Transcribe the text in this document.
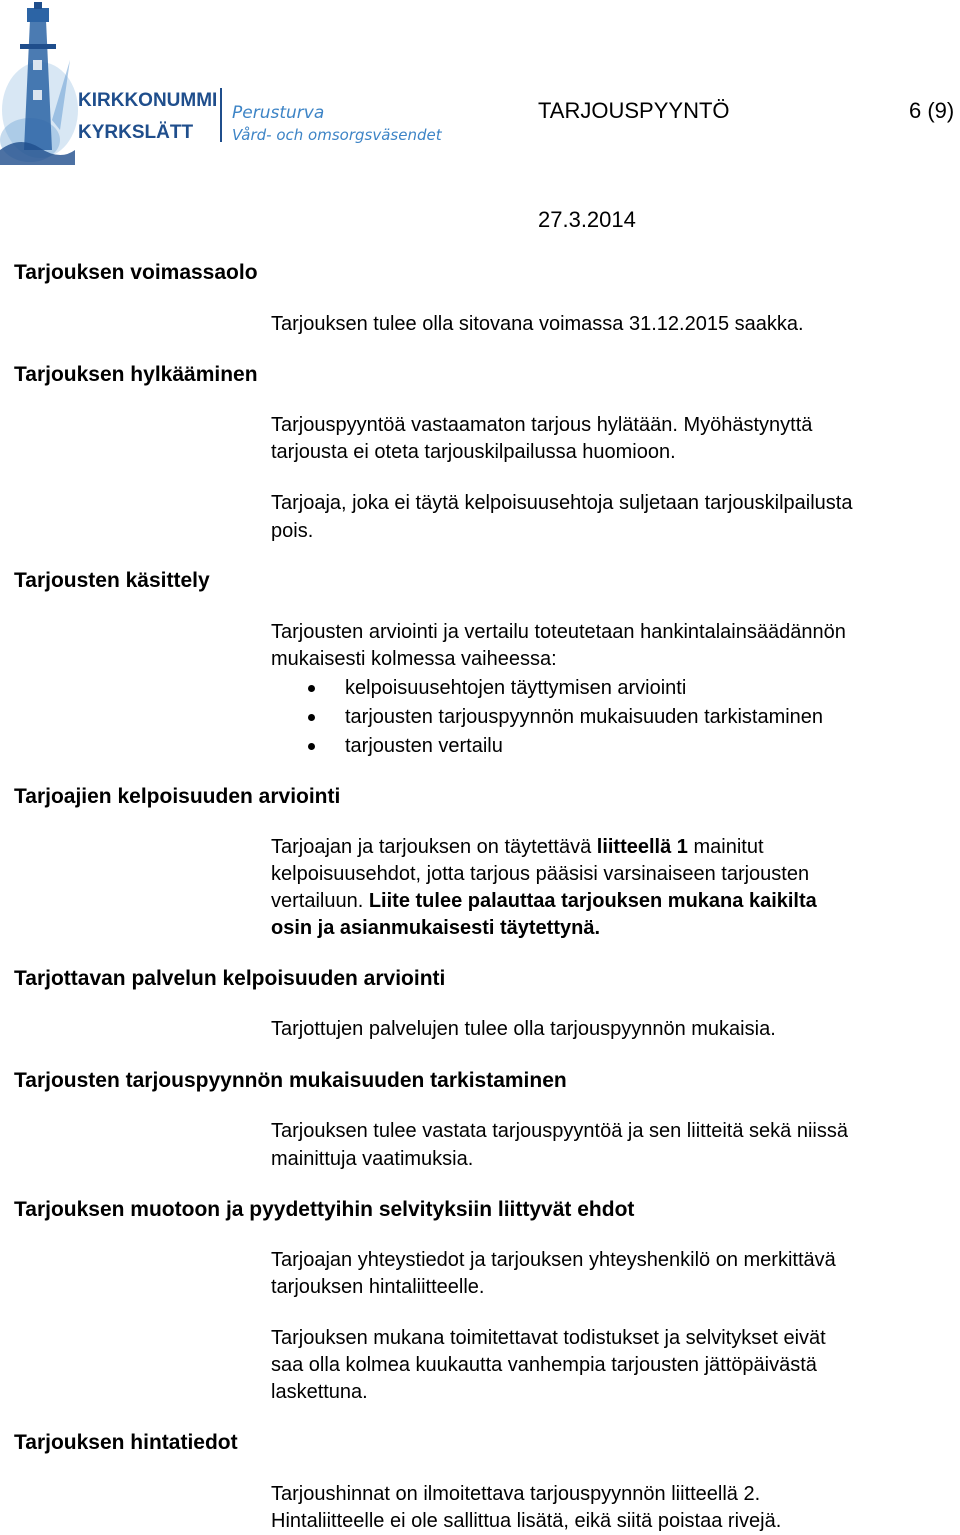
KIRKKONUMMI
KYRKSLÄTT
Perusturva
Vård- och omsorgsväsendet
TARJOUSPYYNTÖ	6 (9)
27.3.2014
Tarjouksen voimassaolo
Tarjouksen tulee olla sitovana voimassa 31.12.2015 saakka.
Tarjouksen hylkääminen
Tarjouspyyntöä vastaamaton tarjous hylätään. Myöhästynyttä
tarjousta ei oteta tarjouskilpailussa huomioon.
Tarjoaja, joka ei täytä kelpoisuusehtoja suljetaan tarjouskilpailusta
pois.
Tarjousten käsittely
Tarjousten arviointi ja vertailu toteutetaan hankintalainsäädännön
mukaisesti kolmessa vaiheessa:
kelpoisuusehtojen täyttymisen arviointi
tarjousten tarjouspyynnön mukaisuuden tarkistaminen
tarjousten vertailu
Tarjoajien kelpoisuuden arviointi
Tarjoajan ja tarjouksen on täytettävä liitteellä 1 mainitut
kelpoisuusehdot, jotta tarjous pääsisi varsinaiseen tarjousten
vertailuun. Liite tulee palauttaa tarjouksen mukana kaikilta
osin ja asianmukaisesti täytettynä.
Tarjottavan palvelun kelpoisuuden arviointi
Tarjottujen palvelujen tulee olla tarjouspyynnön mukaisia.
Tarjousten tarjouspyynnön mukaisuuden tarkistaminen
Tarjouksen tulee vastata tarjouspyyntöä ja sen liitteitä sekä niissä
mainittuja vaatimuksia.
Tarjouksen muotoon ja pyydettyihin selvityksiin liittyvät ehdot
Tarjoajan yhteystiedot ja tarjouksen yhteyshenkilö on merkittävä
tarjouksen hintaliitteelle.
Tarjouksen mukana toimitettavat todistukset ja selvitykset eivät
saa olla kolmea kuukautta vanhempia tarjousten jättöpäivästä
laskettuna.
Tarjouksen hintatiedot
Tarjoushinnat on ilmoitettava tarjouspyynnön liitteellä 2.
Hintaliitteelle ei ole sallittua lisätä, eikä siitä poistaa rivejä.
